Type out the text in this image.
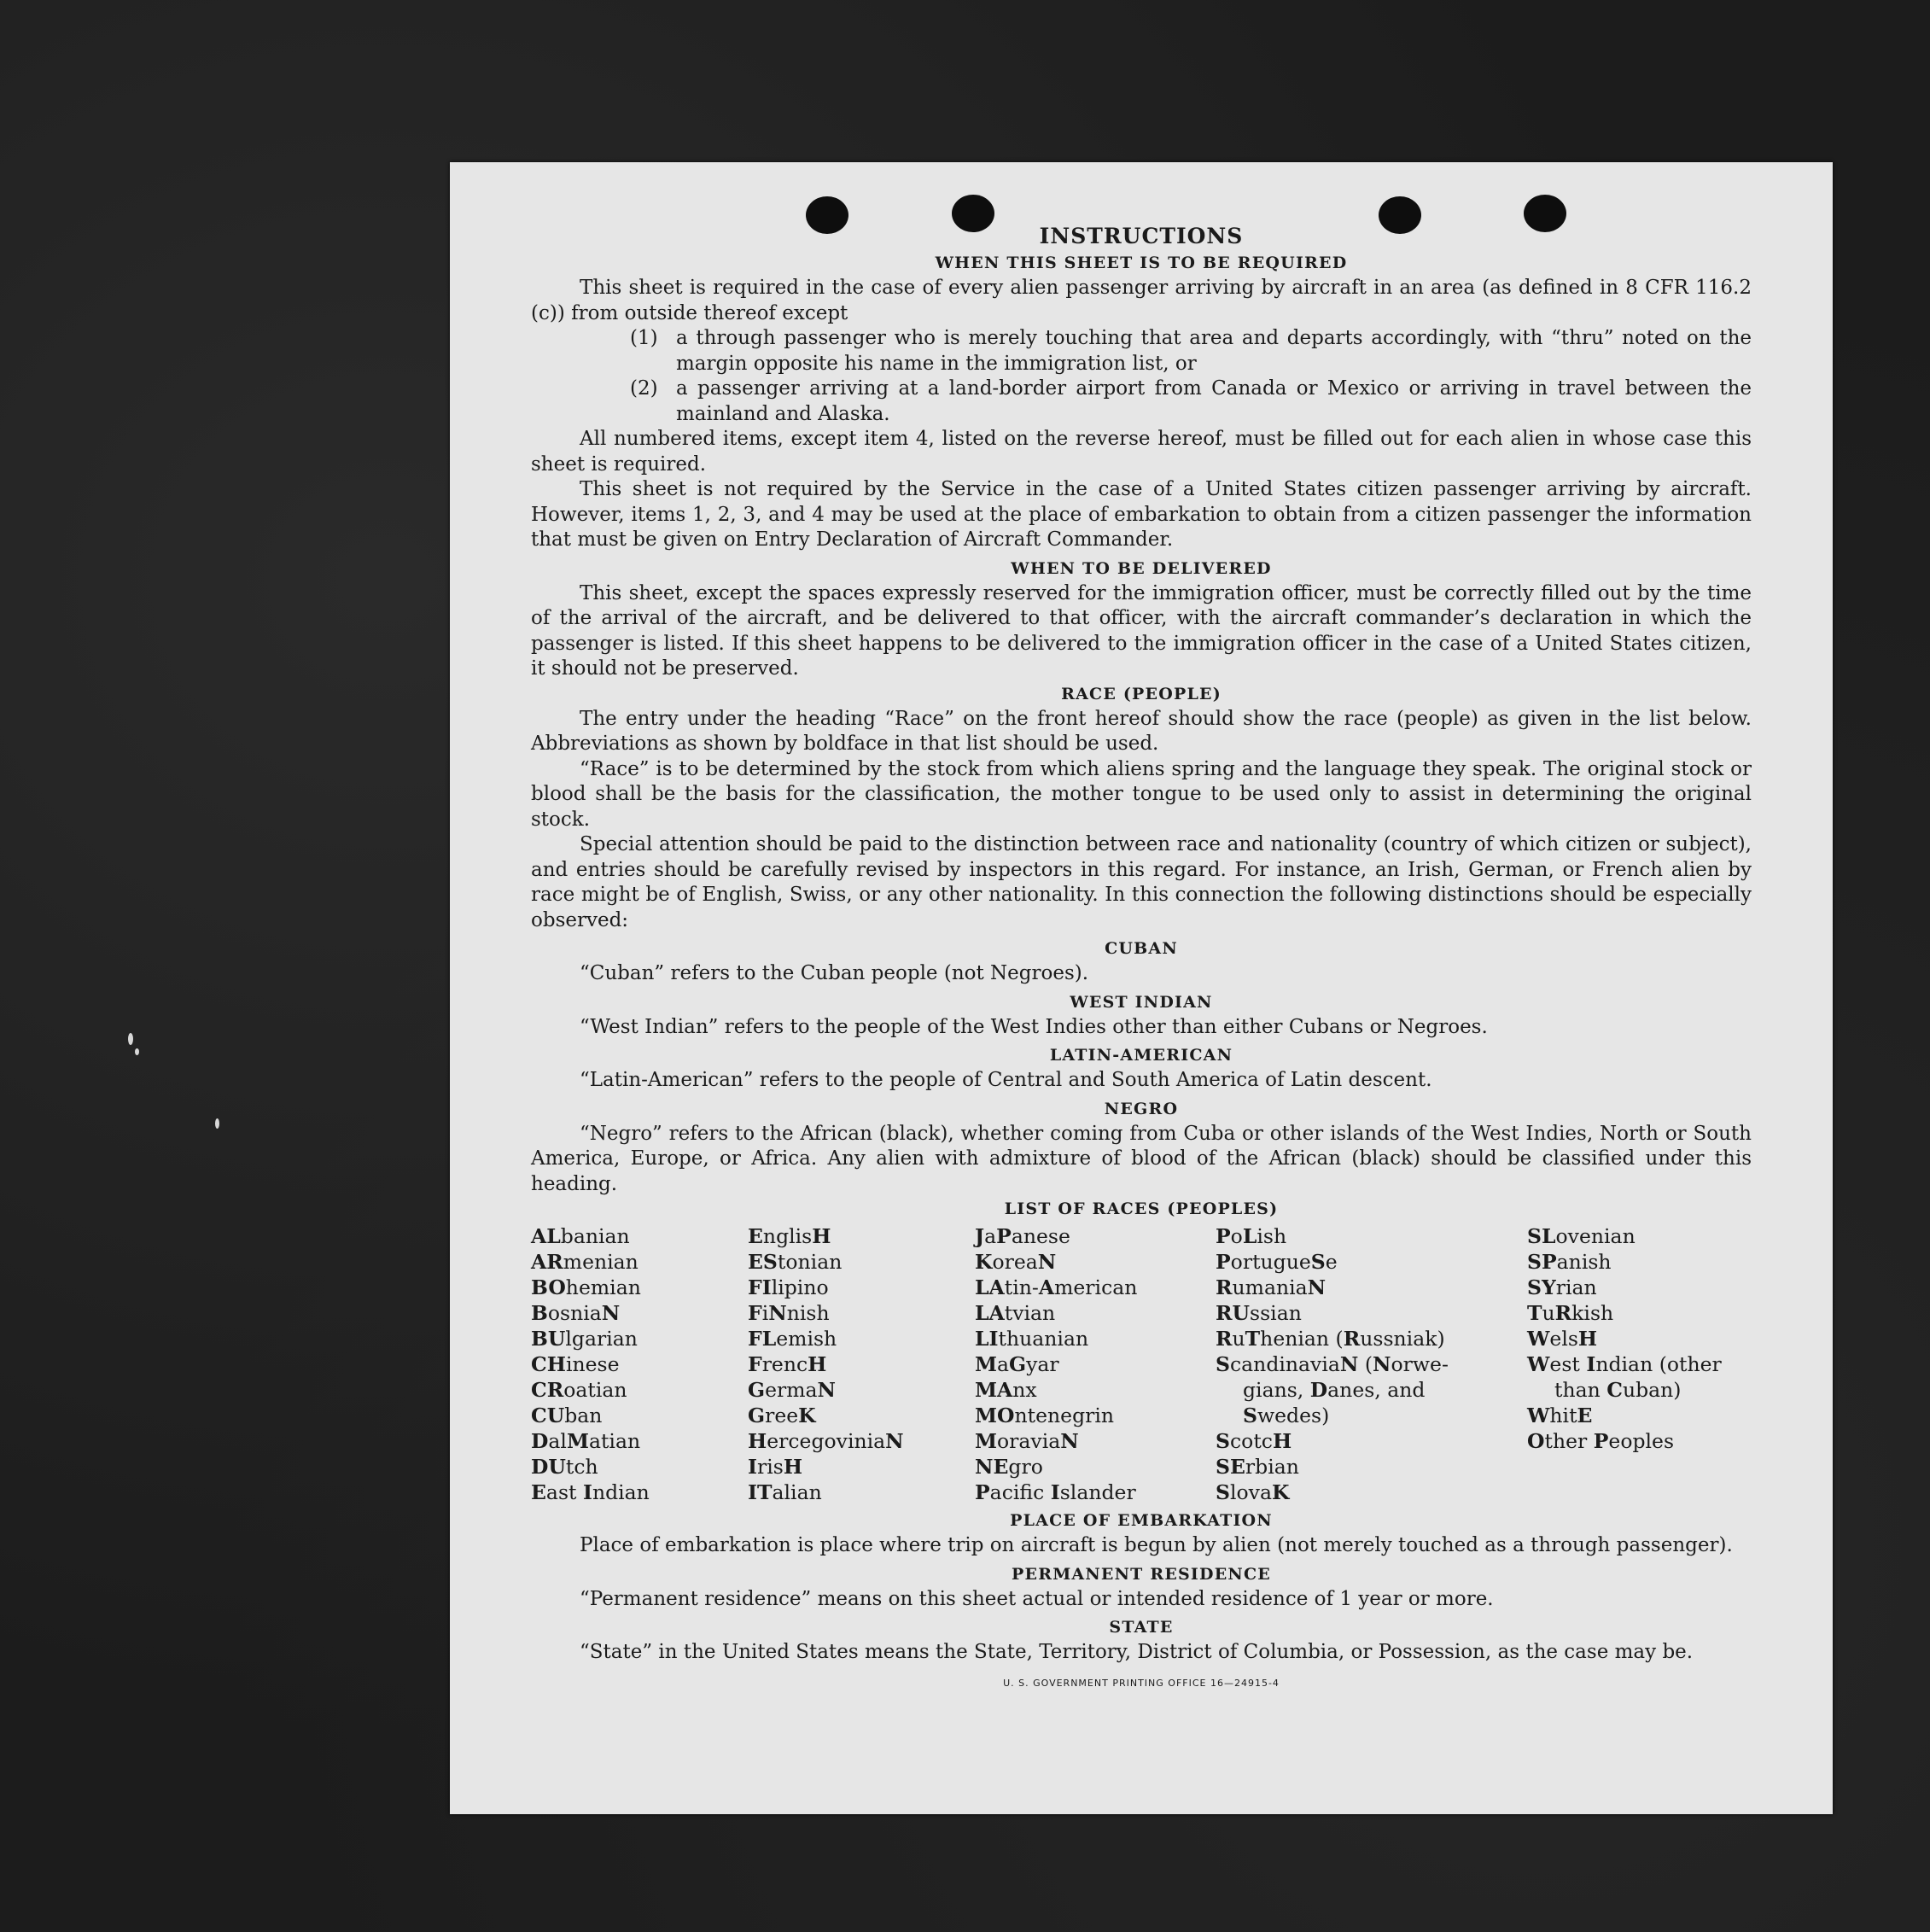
INSTRUCTIONS
WHEN THIS SHEET IS TO BE REQUIRED

This sheet is required in the case of every alien passenger arriving by aircraft in an area (as defined in 8 CFR 116.2 (c)) from outside thereof except

(1) a through passenger who is merely touching that area and departs accordingly, with “thru” noted on the margin opposite his name in the immigration list, or
(2) a passenger arriving at a land-border airport from Canada or Mexico or arriving in travel between the mainland and Alaska.

All numbered items, except item 4, listed on the reverse hereof, must be filled out for each alien in whose case this sheet is required.

This sheet is not required by the Service in the case of a United States citizen passenger arriving by aircraft. However, items 1, 2, 3, and 4 may be used at the place of embarkation to obtain from a citizen passenger the information that must be given on Entry Declaration of Aircraft Commander.

WHEN TO BE DELIVERED

This sheet, except the spaces expressly reserved for the immigration officer, must be correctly filled out by the time of the arrival of the aircraft, and be delivered to that officer, with the aircraft commander’s declaration in which the passenger is listed. If this sheet happens to be delivered to the immigration officer in the case of a United States citizen, it should not be preserved.

RACE (PEOPLE)

The entry under the heading “Race” on the front hereof should show the race (people) as given in the list below. Abbreviations as shown by boldface in that list should be used.

“Race” is to be determined by the stock from which aliens spring and the language they speak. The original stock or blood shall be the basis for the classification, the mother tongue to be used only to assist in determining the original stock.

Special attention should be paid to the distinction between race and nationality (country of which citizen or subject), and entries should be carefully revised by inspectors in this regard. For instance, an Irish, German, or French alien by race might be of English, Swiss, or any other nationality. In this connection the following distinctions should be especially observed:

CUBAN

“Cuban” refers to the Cuban people (not Negroes).

WEST INDIAN

“West Indian” refers to the people of the West Indies other than either Cubans or Negroes.

LATIN-AMERICAN

“Latin-American” refers to the people of Central and South America of Latin descent.

NEGRO

“Negro” refers to the African (black), whether coming from Cuba or other islands of the West Indies, North or South America, Europe, or Africa. Any alien with admixture of blood of the African (black) should be classified under this heading.

LIST OF RACES (PEOPLES)
ALbanian
ARmenian
BOhemian
BosniaN
BUlgarian
CHinese
CRoatian
CUban
DalMatian
DUtch
East Indian
EnglisH
EStonian
FIlipino
FiNnish
FLemish
FrencH
GermaN
GreeK
HercegoviniaN
IrisH
ITalian
JaPanese
KoreaN
LAtin-American
LAtvian
LIthuanian
MaGyar
MAnx
MOntenegrin
MoraviaN
NEgro
Pacifc Islander
PoLish
PortugueSe
RumaniaN
RUssian
RuThenian (Russniak)
ScandinaviaN (Norwe-
gians, Danes, and
Swedes)
ScotcH
SErbian
SlovaK
SLovenian
SPanish
SYrian
TuRkish
WelsH
West Indian (other
than Cuban)
WhitE
Other Peoples
PLACE OF EMBARKATION

Place of embarkation is place where trip on aircraft is begun by alien (not merely touched as a through passenger).

PERMANENT RESIDENCE

“Permanent residence” means on this sheet actual or intended residence of 1 year or more.

STATE

“State” in the United States means the State, Territory, District of Columbia, or Possession, as the case may be.

U. S. GOVERNMENT PRINTING OFFICE 16—24915-4
